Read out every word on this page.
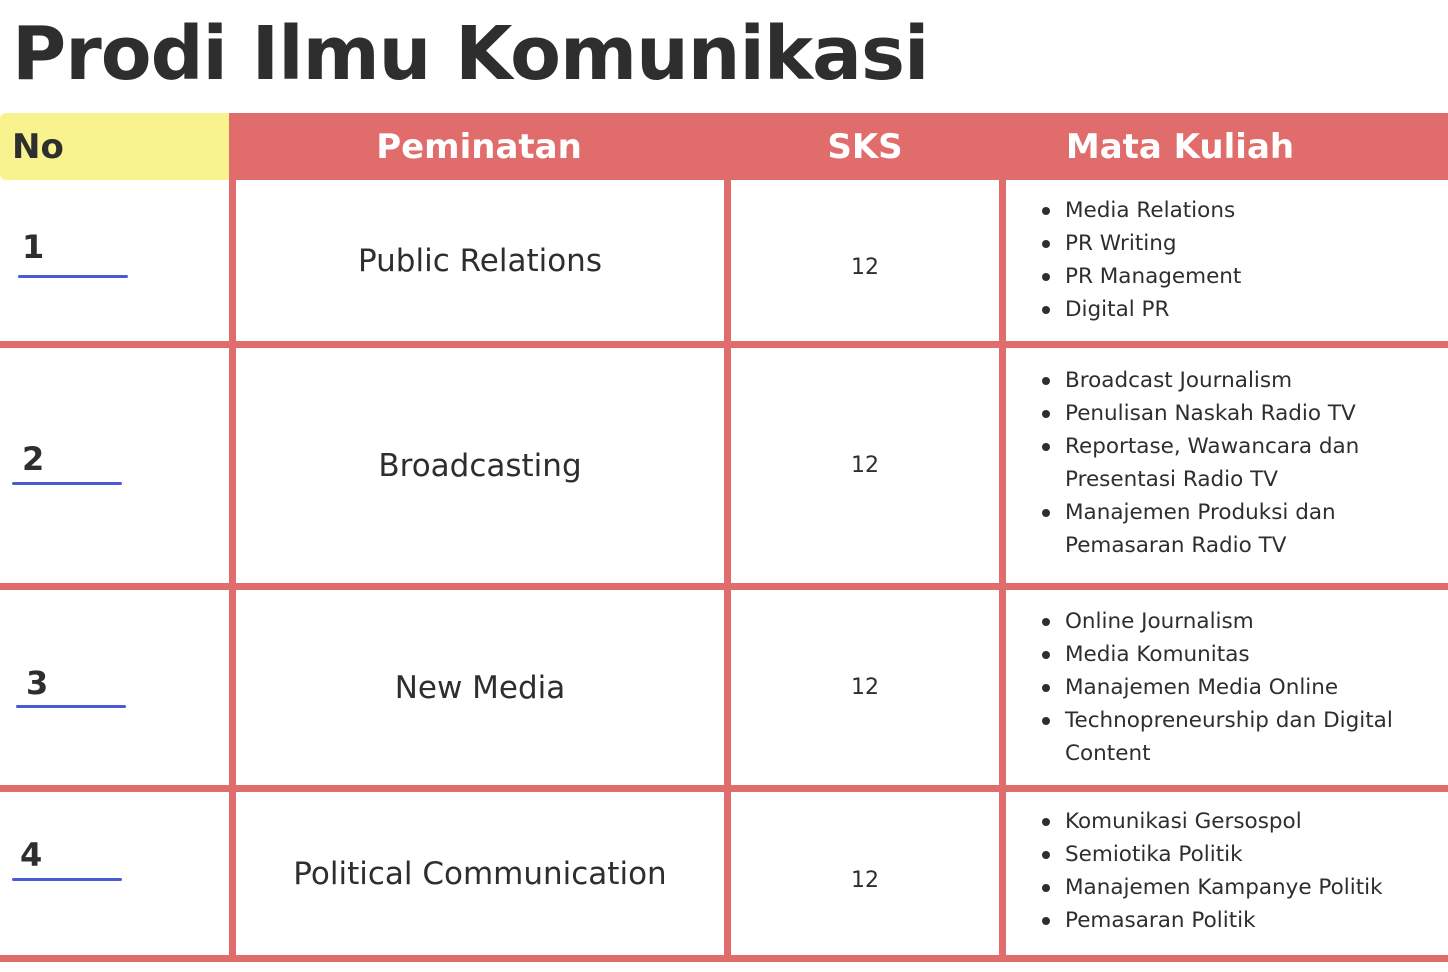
Prodi Ilmu Komunikasi
No	Peminatan	SKS	Mata Kuliah
1	Public Relations	12
Media Relations
PR Writing
PR Management
Digital PR
2	Broadcasting	12
Broadcast Journalism
Penulisan Naskah Radio TV
Reportase, Wawancara dan Presentasi Radio TV
Manajemen Produksi dan Pemasaran Radio TV
3	New Media	12
Online Journalism
Media Komunitas
Manajemen Media Online
Technopreneurship dan Digital Content
4	Political Communication	12
Komunikasi Gersospol
Semiotika Politik
Manajemen Kampanye Politik
Pemasaran Politik
